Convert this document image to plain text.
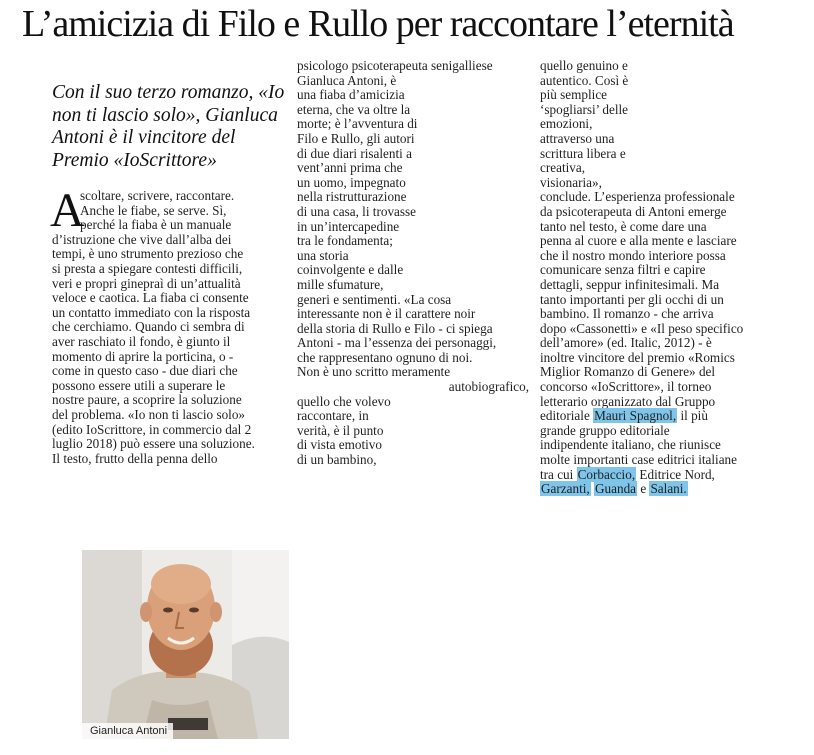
L’amicizia di Filo e Rullo per raccontare l’eternità

Con il suo terzo romanzo, «Io non ti lascio solo», Gianluca Antoni è il vincitore del Premio «IoScrittore»

A
scoltare, scrivere, raccontare.
Anche le fiabe, se serve. Sì,
perché la fiaba è un manuale
d’istruzione che vive dall’alba dei
tempi, è uno strumento prezioso che
si presta a spiegare contesti difficili,
veri e propri ginepraì di un’attualità
veloce e caotica. La fiaba ci consente
un contatto immediato con la risposta
che cerchiamo. Quando ci sembra di
aver raschiato il fondo, è giunto il
momento di aprire la porticina, o -
come in questo caso - due diari che
possono essere utili a superare le
nostre paure, a scoprire la soluzione
del problema. «Io non ti lascio solo»
(edito IoScrittore, in commercio dal 2
luglio 2018) può essere una soluzione.
Il testo, frutto della penna dello
psicologo psicoterapeuta senigalliese
Gianluca Antoni, è
una fiaba d’amicizia
eterna, che va oltre la
morte; è l’avventura di
Filo e Rullo, gli autori
di due diari risalenti a
vent’anni prima che
un uomo, impegnato
nella ristrutturazione
di una casa, li trovasse
in un’intercapedine
tra le fondamenta;
una storia
coinvolgente e dalle
mille sfumature,
generi e sentimenti. «La cosa
interessante non è il carattere noir
della storia di Rullo e Filo - ci spiega
Antoni - ma l’essenza dei personaggi,
che rappresentano ognuno di noi.
Non è uno scritto meramente
autobiografico,
quello che volevo
raccontare, in
verità, è il punto
di vista emotivo
di un bambino,
quello genuino e
autentico. Così è
più semplice
‘spogliarsi’ delle
emozioni,
attraverso una
scrittura libera e
creativa,
visionaria»,
conclude. L’esperienza professionale
da psicoterapeuta di Antoni emerge
tanto nel testo, è come dare una
penna al cuore e alla mente e lasciare
che il nostro mondo interiore possa
comunicare senza filtri e capire
dettagli, seppur infinitesimali. Ma
tanto importanti per gli occhi di un
bambino. Il romanzo - che arriva
dopo «Cassonetti» e «Il peso specifico
dell’amore» (ed. Italic, 2012) - è
inoltre vincitore del premio «Romics
Miglior Romanzo di Genere» del
concorso «IoScrittore», il torneo
letterario organizzato dal Gruppo
editoriale Mauri Spagnol, il più
grande gruppo editoriale
indipendente italiano, che riunisce
molte importanti case editrici italiane
tra cui Corbaccio, Editrice Nord,
Garzanti, Guanda e Salani.
Gianluca Antoni
